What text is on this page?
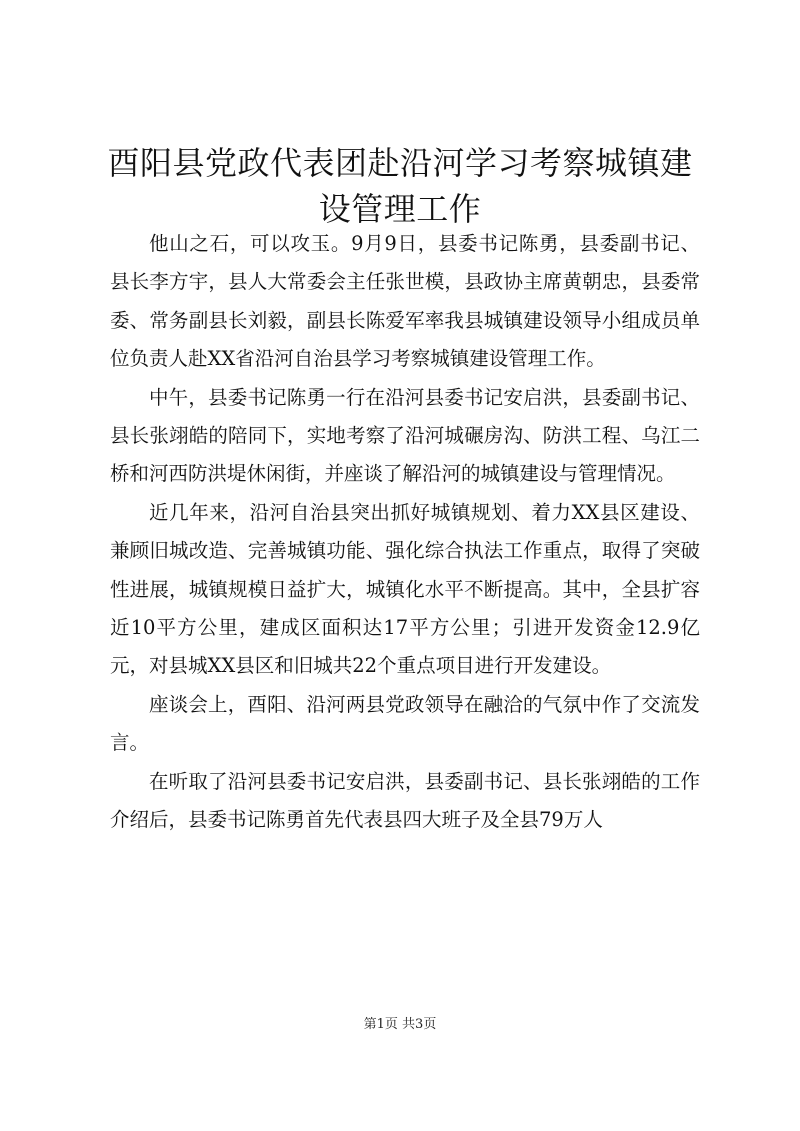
酉阳县党政代表团赴沿河学习考察城镇建设管理工作

他山之石，可以攻玉。9月9日，县委书记陈勇，县委副书记、县长李方宇，县人大常委会主任张世模，县政协主席黄朝忠，县委常委、常务副县长刘毅，副县长陈爱军率我县城镇建设领导小组成员单位负责人赴XX省沿河自治县学习考察城镇建设管理工作。

中午，县委书记陈勇一行在沿河县委书记安启洪，县委副书记、县长张翊皓的陪同下，实地考察了沿河城碾房沟、防洪工程、乌江二桥和河西防洪堤休闲街，并座谈了解沿河的城镇建设与管理情况。

近几年来，沿河自治县突出抓好城镇规划、着力XX县区建设、兼顾旧城改造、完善城镇功能、强化综合执法工作重点，取得了突破性进展，城镇规模日益扩大，城镇化水平不断提高。其中，全县扩容近10平方公里，建成区面积达17平方公里；引进开发资金12.9亿元，对县城XX县区和旧城共22个重点项目进行开发建设。

座谈会上，酉阳、沿河两县党政领导在融洽的气氛中作了交流发言。

在听取了沿河县委书记安启洪，县委副书记、县长张翊皓的工作介绍后，县委书记陈勇首先代表县四大班子及全县79万人

第1页 共3页
